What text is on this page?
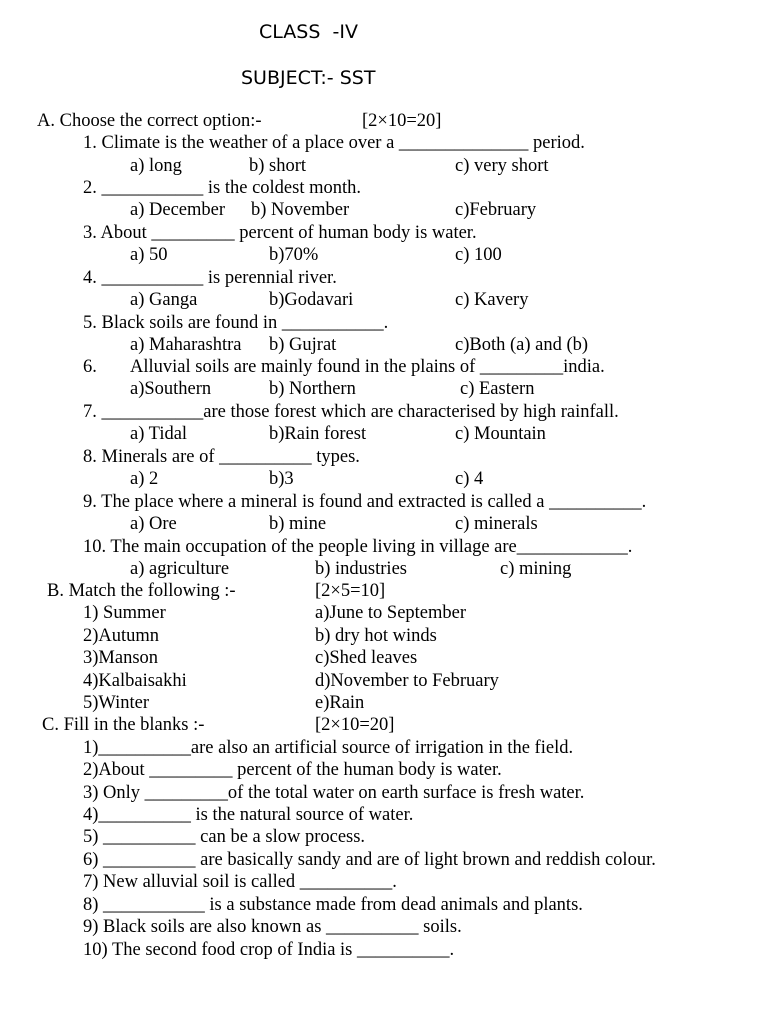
CLASS  -IV
SUBJECT:- SST

A. Choose the correct option:-

	[2×10=20]

1. Climate is the weather of a place over a ______________ period.

a) long

	b) short

	c) very short

2. ___________ is the coldest month.

a) December

b) November

	c)February

3. About _________ percent of human body is water.

a) 50

	b)70%

	c) 100

4. ___________ is perennial river.

a) Ganga

	b)Godavari

	c) Kavery

5. Black soils are found in ___________.

a) Maharashtra

b) Gujrat

	c)Both (a) and (b)

6.

Alluvial soils are mainly found in the plains of _________india.

a)Southern

	b) Northern

	c) Eastern

7. ___________are those forest which are characterised by high rainfall.

a) Tidal

	b)Rain forest

	c) Mountain

8. Minerals are of __________ types.

a) 2

	b)3

	c) 4

9. The place where a mineral is found and extracted is called a __________.

a) Ore

	b) mine

	c) minerals

10. The main occupation of the people living in village are____________.

a) agriculture

	b) industries

	c) mining

B. Match the following :-

	[2×5=10]

1) Summer

	a)June to September

2)Autumn

	b) dry hot winds

3)Manson

	c)Shed leaves

4)Kalbaisakhi

	d)November to February

5)Winter

	e)Rain

C. Fill in the blanks :-

	[2×10=20]

1)__________are also an artificial source of irrigation in the field.

2)About _________ percent of the human body is water.

3) Only _________of the total water on earth surface is fresh water.

4)__________ is the natural source of water.

5) __________ can be a slow process.

6) __________ are basically sandy and are of light brown and reddish colour.

7) New alluvial soil is called __________.

8) ___________ is a substance made from dead animals and plants.

9) Black soils are also known as __________ soils.

10) The second food crop of India is __________.
